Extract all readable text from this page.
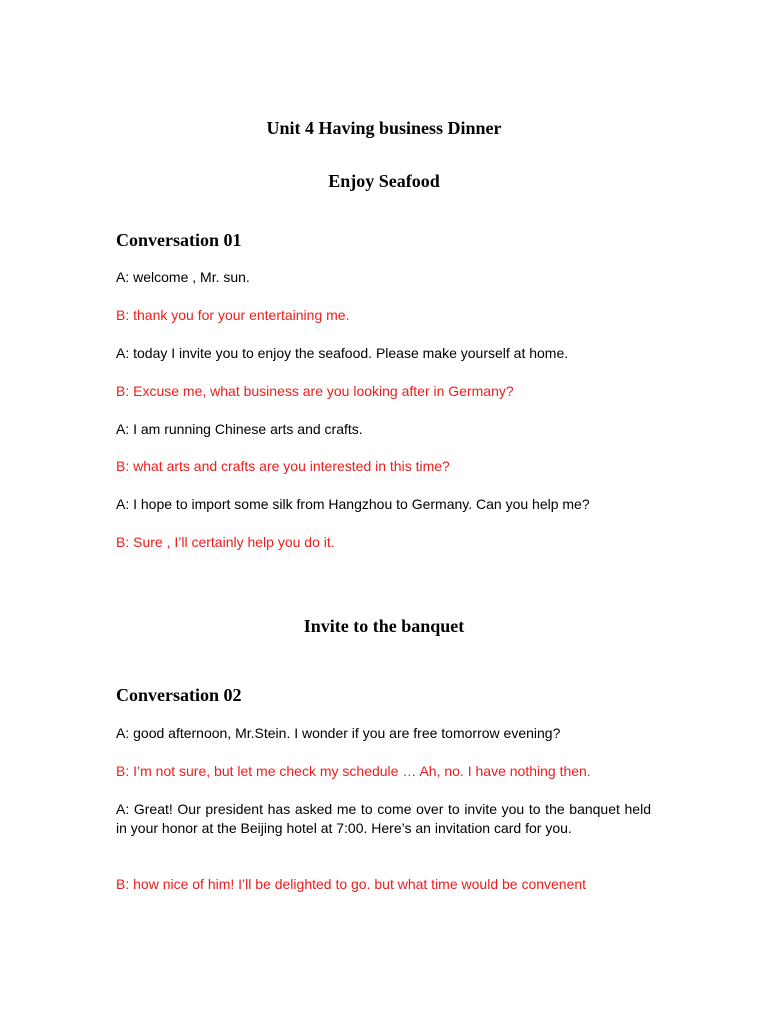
Unit 4 Having business Dinner
Enjoy Seafood
Conversation 01

A: welcome , Mr. sun.

B: thank you for your entertaining me.

A: today I invite you to enjoy the seafood. Please make yourself at home.

B: Excuse me, what business are you looking after in Germany?

A: I am running Chinese arts and crafts.

B: what arts and crafts are you interested in this time?

A: I hope to import some silk from Hangzhou to Germany. Can you help me?

B: Sure , I’ll certainly help you do it.

Invite to the banquet
Conversation 02

A: good afternoon, Mr.Stein. I wonder if you are free tomorrow evening?

B: I’m not sure, but let me check my schedule … Ah, no. I have nothing then.

A: Great! Our president has asked me to come over to invite you to the banquet held in your honor at the Beijing hotel at 7:00. Here’s an invitation card for you.

B: how nice of him! I’ll be delighted to go. but what time would be convenent
